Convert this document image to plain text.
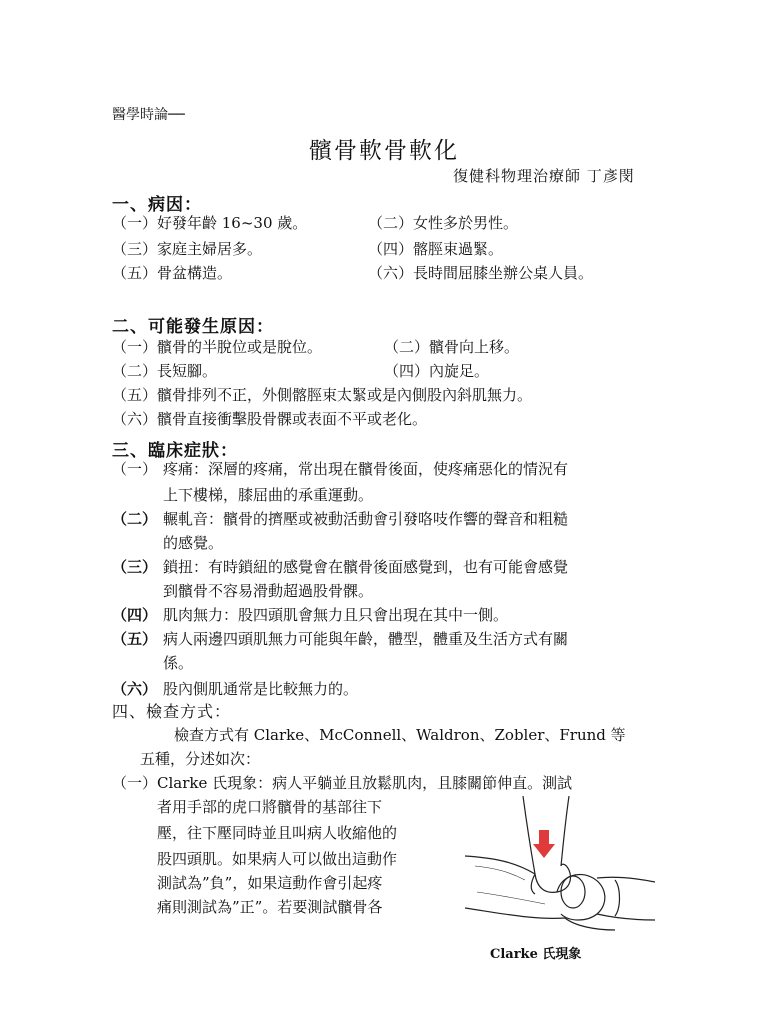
醫學時論──
髕骨軟骨軟化
復健科物理治療師 丁彥閔
一、病因：
（一）好發年齡 16~30 歲。	（二）女性多於男性。
（三）家庭主婦居多。	（四）髂脛束過緊。
（五）骨盆構造。	（六）長時間屈膝坐辦公桌人員。
二、可能發生原因：
（一）髕骨的半脫位或是脫位。	（二）髕骨向上移。
（二）長短腳。	（四）內旋足。
（五）髕骨排列不正，外側髂脛束太緊或是內側股內斜肌無力。
（六）髕骨直接衝擊股骨髁或表面不平或老化。
三、臨床症狀：
（一） 疼痛：深層的疼痛，常出現在髕骨後面，使疼痛惡化的情況有
上下樓梯，膝屈曲的承重運動。
（二） 輾軋音：髕骨的擠壓或被動活動會引發咯吱作響的聲音和粗糙
的感覺。
（三） 鎖扭：有時鎖紐的感覺會在髕骨後面感覺到，也有可能會感覺
到髕骨不容易滑動超過股骨髁。
（四） 肌肉無力：股四頭肌會無力且只會出現在其中一側。
（五） 病人兩邊四頭肌無力可能與年齡，體型，體重及生活方式有關
係。
（六） 股內側肌通常是比較無力的。
四、檢查方式：
檢查方式有 Clarke、McConnell、Waldron、Zobler、Frund 等
五種，分述如次：
（一）Clarke 氏現象：病人平躺並且放鬆肌肉，且膝關節伸直。測試
者用手部的虎口將髕骨的基部往下
壓，往下壓同時並且叫病人收縮他的
股四頭肌。如果病人可以做出這動作
測試為”負”，如果這動作會引起疼
痛則測試為”正”。若要測試髕骨各
Clarke 氏現象
